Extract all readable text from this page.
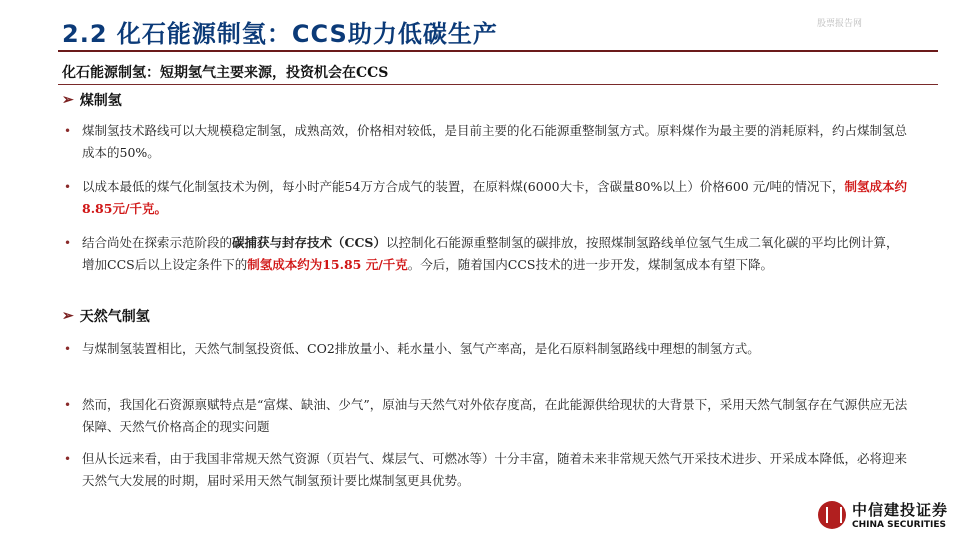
2.2 化石能源制氢：CCS助力低碳生产	股票报告网
化石能源制氢：短期氢气主要来源，投资机会在CCS
➢ 煤制氢
• 煤制氢技术路线可以大规模稳定制氢，成熟高效，价格相对较低，是目前主要的化石能源重整制氢方式。原料煤作为最主要的消耗原料，约占煤制氢总成本的50%。
• 以成本最低的煤气化制氢技术为例，每小时产能54万方合成气的装置，在原料煤(6000大卡，含碳量80%以上）价格600 元/吨的情况下，制氢成本约8.85元/千克。
• 结合尚处在探索示范阶段的碳捕获与封存技术（CCS）以控制化石能源重整制氢的碳排放，按照煤制氢路线单位氢气生成二氧化碳的平均比例计算，增加CCS后以上设定条件下的制氢成本约为15.85 元/千克。今后，随着国内CCS技术的进一步开发，煤制氢成本有望下降。
➢ 天然气制氢
• 与煤制氢装置相比，天然气制氢投资低、CO2排放量小、耗水量小、氢气产率高，是化石原料制氢路线中理想的制氢方式。
• 然而，我国化石资源禀赋特点是“富煤、缺油、少气”，原油与天然气对外依存度高，在此能源供给现状的大背景下，采用天然气制氢存在气源供应无法保障、天然气价格高企的现实问题
• 但从长远来看，由于我国非常规天然气资源（页岩气、煤层气、可燃冰等）十分丰富，随着未来非常规天然气开采技术进步、开采成本降低，必将迎来天然气大发展的时期，届时采用天然气制氢预计要比煤制氢更具优势。
中信建投证券
CHINA SECURITIES
